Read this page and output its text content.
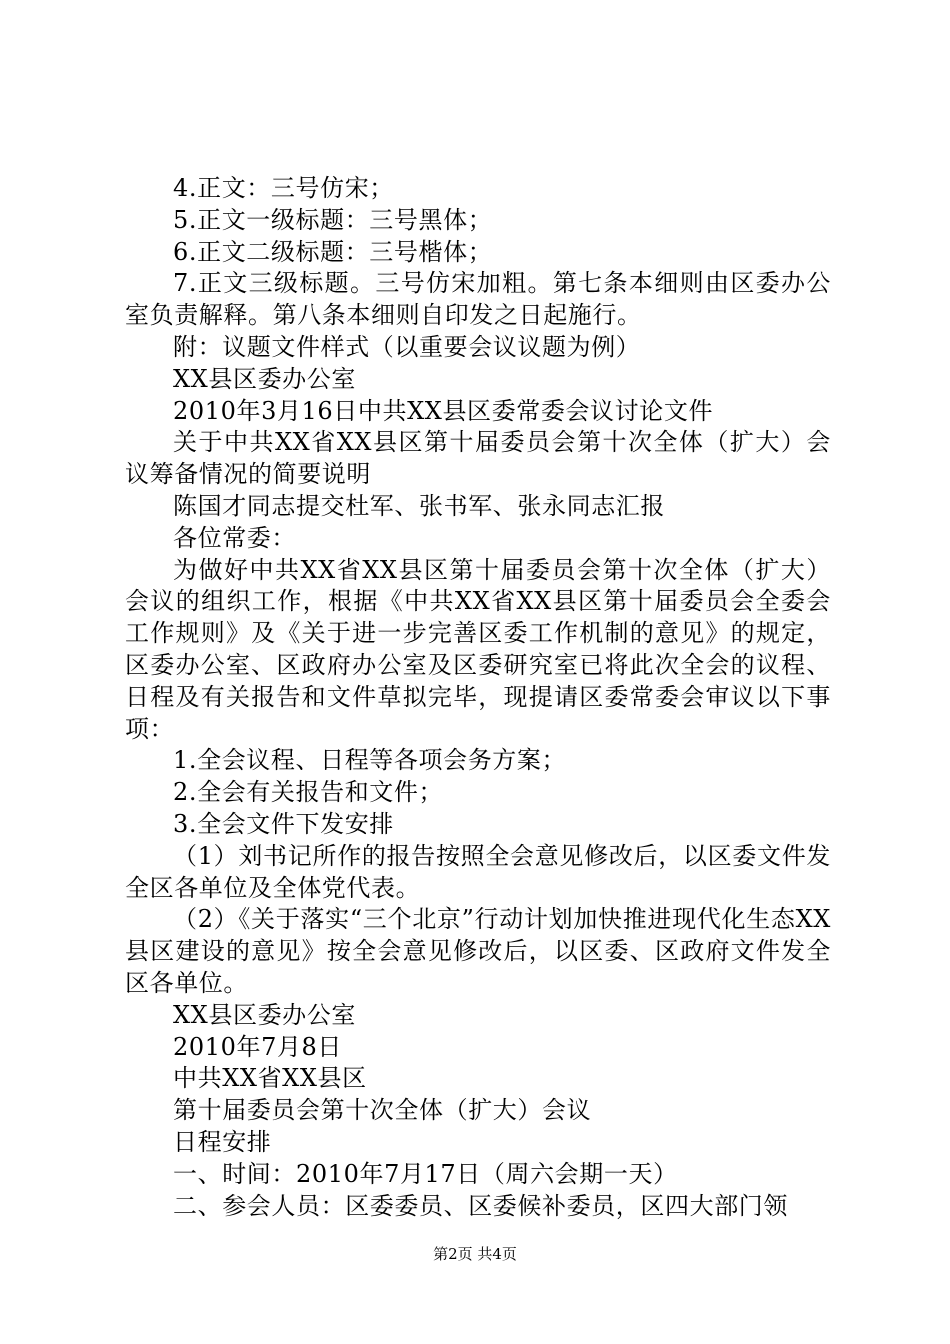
4.正文：三号仿宋；

5.正文一级标题：三号黑体；

6.正文二级标题：三号楷体；

7.正文三级标题。三号仿宋加粗。第七条本细则由区委办公室负责解释。第八条本细则自印发之日起施行。

附：议题文件样式（以重要会议议题为例）

XX县区委办公室

2010年3月16日中共XX县区委常委会议讨论文件

关于中共XX省XX县区第十届委员会第十次全体（扩大）会议筹备情况的简要说明

陈国才同志提交杜军、张书军、张永同志汇报

各位常委：

为做好中共XX省XX县区第十届委员会第十次全体（扩大）会议的组织工作，根据《中共XX省XX县区第十届委员会全委会工作规则》及《关于进一步完善区委工作机制的意见》的规定，区委办公室、区政府办公室及区委研究室已将此次全会的议程、日程及有关报告和文件草拟完毕，现提请区委常委会审议以下事项：

1.全会议程、日程等各项会务方案；

2.全会有关报告和文件；

3.全会文件下发安排

（1）刘书记所作的报告按照全会意见修改后，以区委文件发全区各单位及全体党代表。

（2）《关于落实“三个北京”行动计划加快推进现代化生态XX县区建设的意见》按全会意见修改后，以区委、区政府文件发全区各单位。

XX县区委办公室

2010年7月8日

中共XX省XX县区

第十届委员会第十次全体（扩大）会议

日程安排

一、时间：2010年7月17日（周六会期一天）

二、参会人员：区委委员、区委候补委员，区四大部门领

第2页 共4页
